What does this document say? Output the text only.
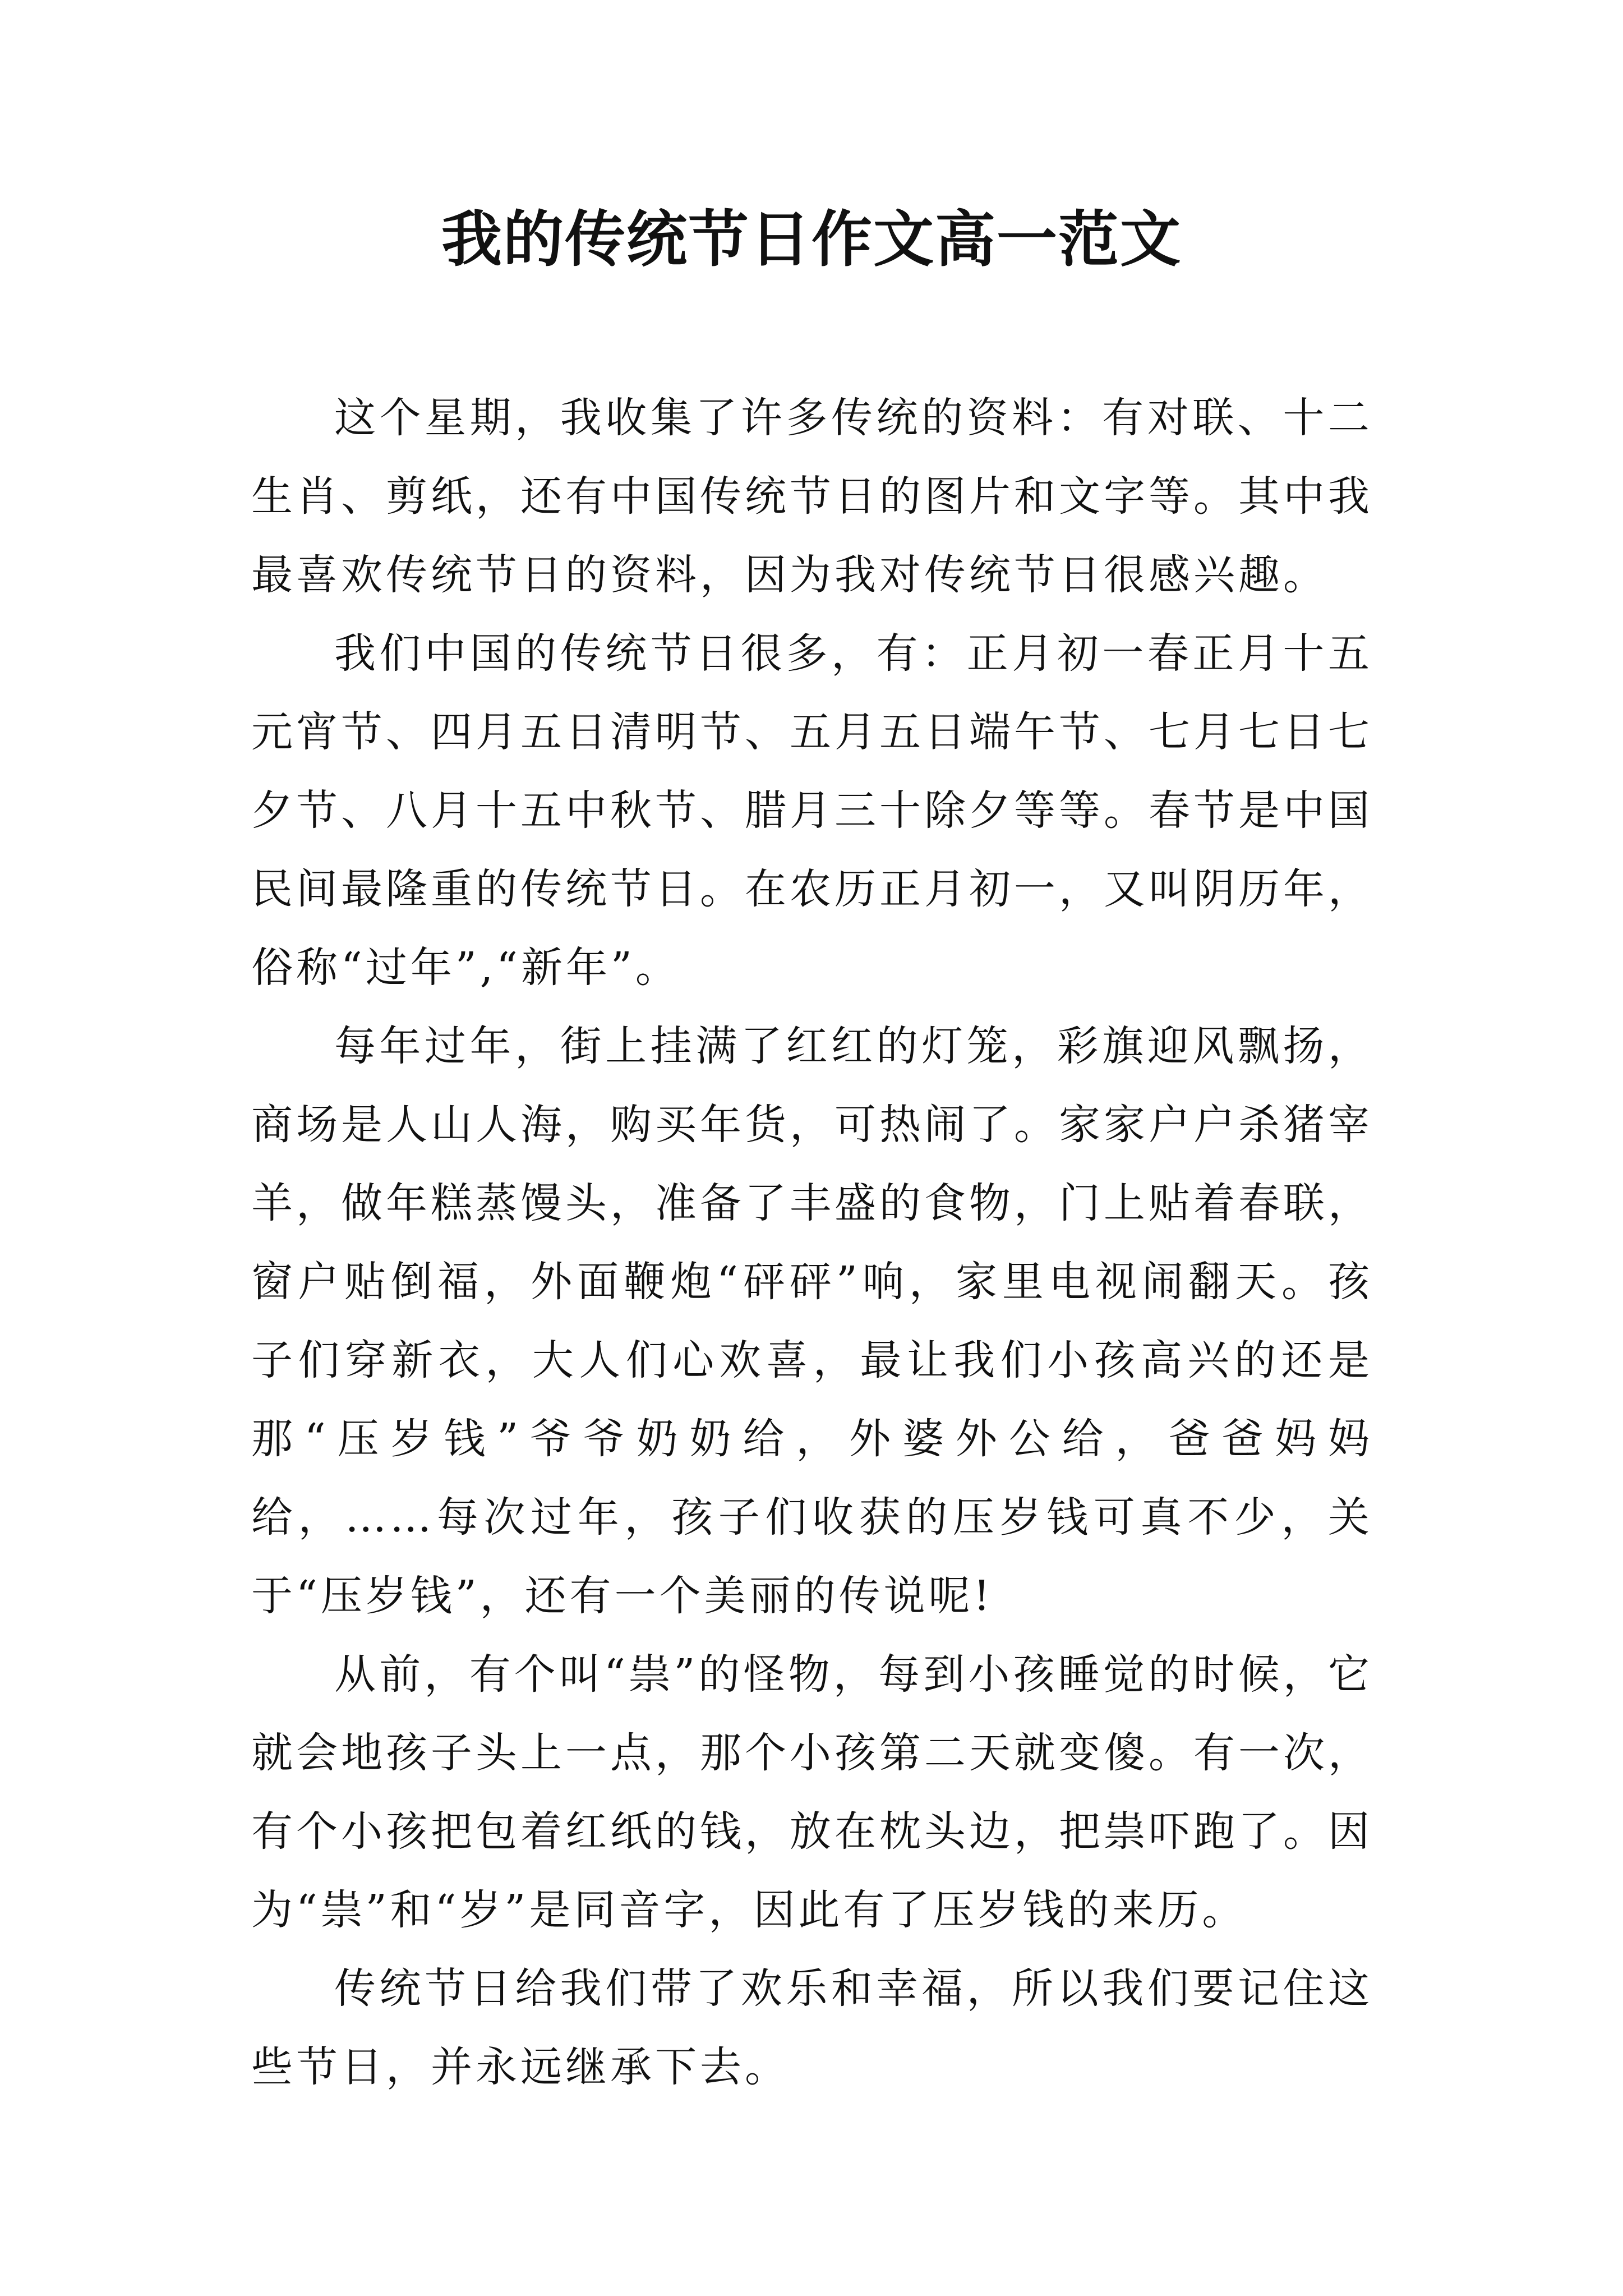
我的传统节日作文高一范文

这个星期，我收集了许多传统的资料：有对联、十二生肖、剪纸，还有中国传统节日的图片和文字等。其中我最喜欢传统节日的资料，因为我对传统节日很感兴趣。

我们中国的传统节日很多，有：正月初一春正月十五元宵节、四月五日清明节、五月五日端午节、七月七日七夕节、八月十五中秋节、腊月三十除夕等等。春节是中国民间最隆重的传统节日。在农历正月初一，又叫阴历年，俗称“过年”,“新年”。

每年过年，街上挂满了红红的灯笼，彩旗迎风飘扬，商场是人山人海，购买年货，可热闹了。家家户户杀猪宰羊，做年糕蒸馒头，准备了丰盛的食物，门上贴着春联，窗户贴倒福，外面鞭炮“砰砰”响，家里电视闹翻天。孩子们穿新衣，大人们心欢喜，最让我们小孩高兴的还是那“压岁钱”爷爷奶奶给，外婆外公给，爸爸妈妈给，……每次过年，孩子们收获的压岁钱可真不少，关于“压岁钱”，还有一个美丽的传说呢!

从前，有个叫“祟”的怪物，每到小孩睡觉的时候，它就会地孩子头上一点，那个小孩第二天就变傻。有一次，有个小孩把包着红纸的钱，放在枕头边，把祟吓跑了。因为“祟”和“岁”是同音字，因此有了压岁钱的来历。

传统节日给我们带了欢乐和幸福，所以我们要记住这些节日，并永远继承下去。
